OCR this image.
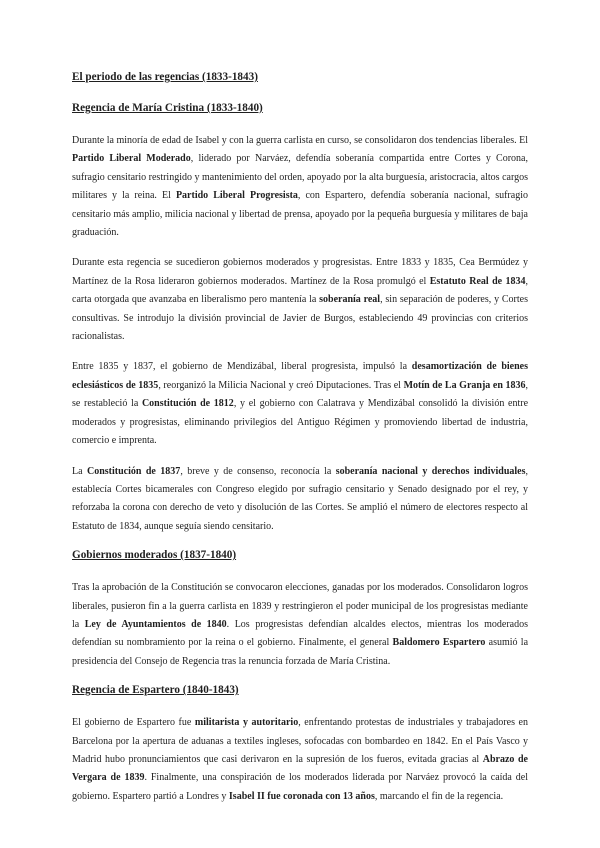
El periodo de las regencias (1833-1843)
Regencia de María Cristina (1833-1840)

Durante la minoría de edad de Isabel y con la guerra carlista en curso, se consolidaron dos tendencias liberales. El Partido Liberal Moderado, liderado por Narváez, defendía soberanía compartida entre Cortes y Corona, sufragio censitario restringido y mantenimiento del orden, apoyado por la alta burguesía, aristocracia, altos cargos militares y la reina. El Partido Liberal Progresista, con Espartero, defendía soberanía nacional, sufragio censitario más amplio, milicia nacional y libertad de prensa, apoyado por la pequeña burguesía y militares de baja graduación.

Durante esta regencia se sucedieron gobiernos moderados y progresistas. Entre 1833 y 1835, Cea Bermúdez y Martínez de la Rosa lideraron gobiernos moderados. Martínez de la Rosa promulgó el Estatuto Real de 1834, carta otorgada que avanzaba en liberalismo pero mantenía la soberanía real, sin separación de poderes, y Cortes consultivas. Se introdujo la división provincial de Javier de Burgos, estableciendo 49 provincias con criterios racionalistas.

Entre 1835 y 1837, el gobierno de Mendizábal, liberal progresista, impulsó la desamortización de bienes eclesiásticos de 1835, reorganizó la Milicia Nacional y creó Diputaciones. Tras el Motín de La Granja en 1836, se restableció la Constitución de 1812, y el gobierno con Calatrava y Mendizábal consolidó la división entre moderados y progresistas, eliminando privilegios del Antiguo Régimen y promoviendo libertad de industria, comercio e imprenta.

La Constitución de 1837, breve y de consenso, reconocía la soberanía nacional y derechos individuales, establecía Cortes bicamerales con Congreso elegido por sufragio censitario y Senado designado por el rey, y reforzaba la corona con derecho de veto y disolución de las Cortes. Se amplió el número de electores respecto al Estatuto de 1834, aunque seguía siendo censitario.

Gobiernos moderados (1837-1840)

Tras la aprobación de la Constitución se convocaron elecciones, ganadas por los moderados. Consolidaron logros liberales, pusieron fin a la guerra carlista en 1839 y restringieron el poder municipal de los progresistas mediante la Ley de Ayuntamientos de 1840. Los progresistas defendían alcaldes electos, mientras los moderados defendían su nombramiento por la reina o el gobierno. Finalmente, el general Baldomero Espartero asumió la presidencia del Consejo de Regencia tras la renuncia forzada de María Cristina.

Regencia de Espartero (1840-1843)

El gobierno de Espartero fue militarista y autoritario, enfrentando protestas de industriales y trabajadores en Barcelona por la apertura de aduanas a textiles ingleses, sofocadas con bombardeo en 1842. En el País Vasco y Madrid hubo pronunciamientos que casi derivaron en la supresión de los fueros, evitada gracias al Abrazo de Vergara de 1839. Finalmente, una conspiración de los moderados liderada por Narváez provocó la caída del gobierno. Espartero partió a Londres y Isabel II fue coronada con 13 años, marcando el fin de la regencia.
